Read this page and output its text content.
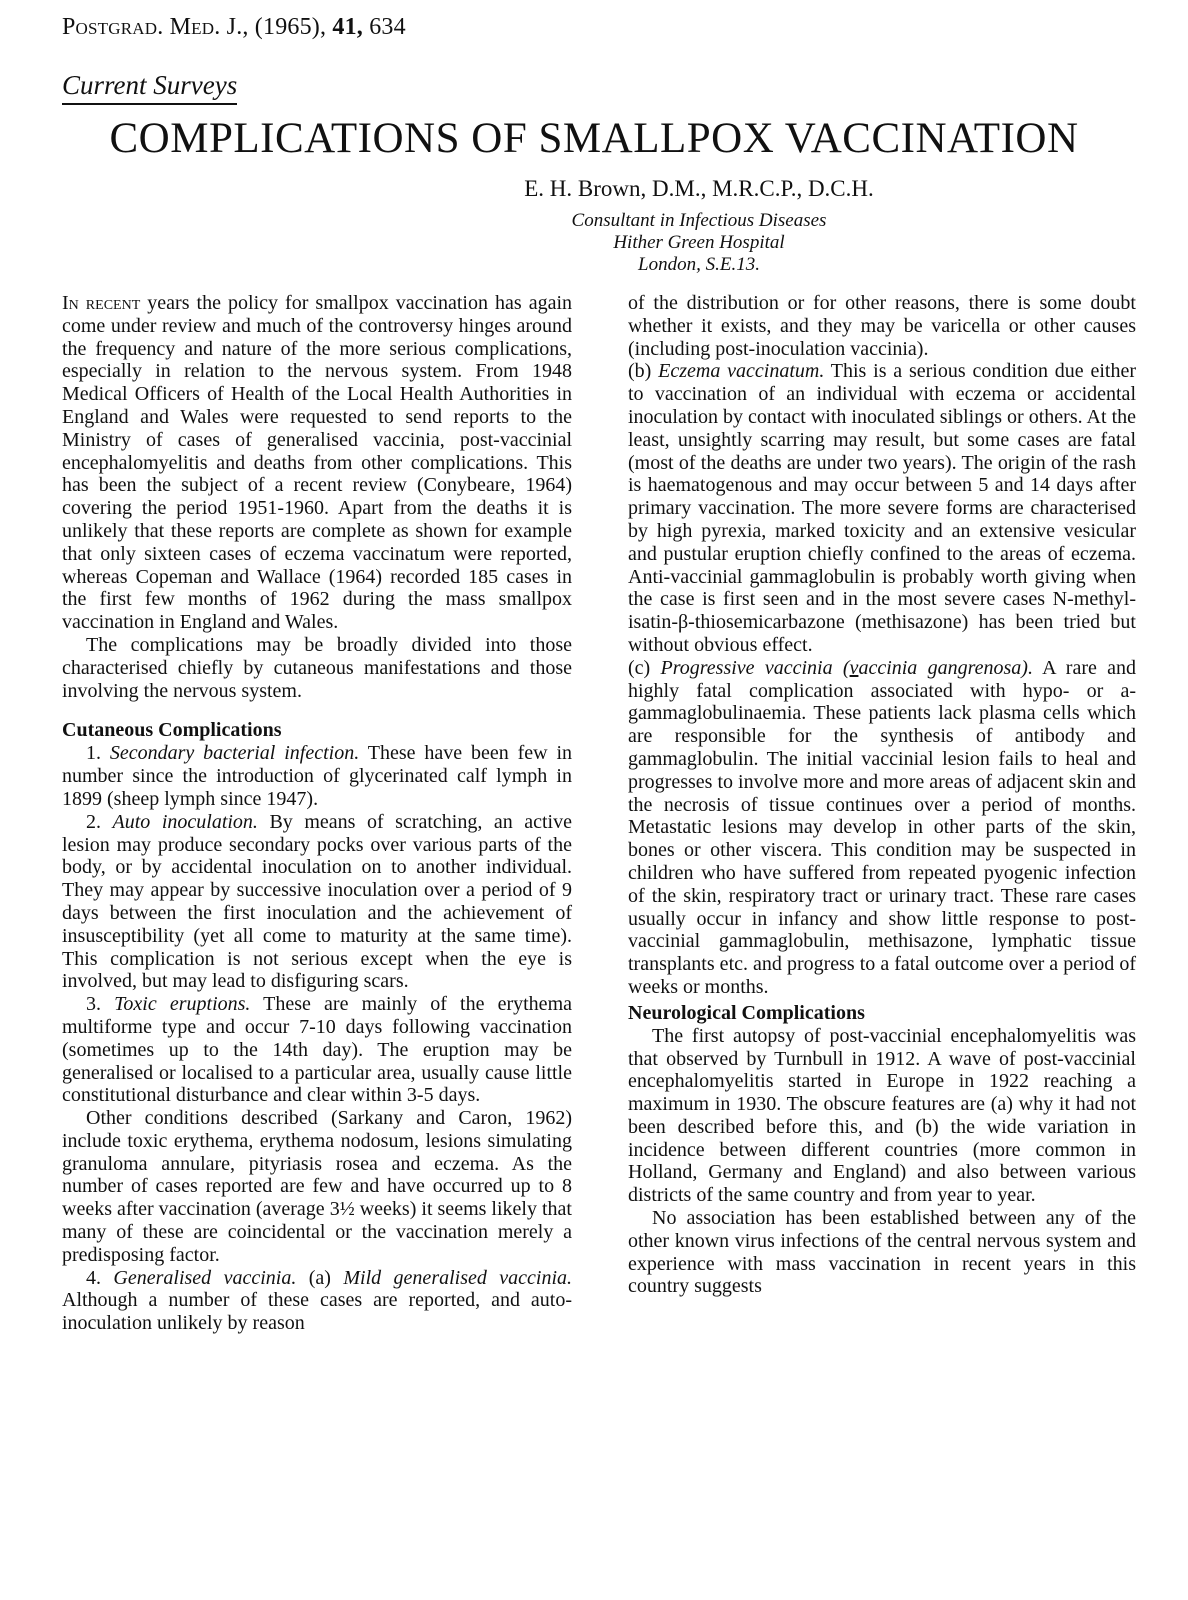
Postgrad. Med. J., (1965), 41, 634
Current Surveys
COMPLICATIONS OF SMALLPOX VACCINATION
E. H. Brown, D.M., M.R.C.P., D.C.H.
Consultant in Infectious Diseases
Hither Green Hospital
London, S.E.13.

In recent years the policy for smallpox vaccination has again come under review and much of the controversy hinges around the frequency and nature of the more serious complications, especially in relation to the nervous system. From 1948 Medical Officers of Health of the Local Health Authorities in England and Wales were requested to send reports to the Ministry of cases of generalised vaccinia, post-vaccinial encephalomyelitis and deaths from other complications. This has been the subject of a recent review (Conybeare, 1964) covering the period 1951-1960. Apart from the deaths it is unlikely that these reports are complete as shown for example that only sixteen cases of eczema vaccinatum were reported, whereas Copeman and Wallace (1964) recorded 185 cases in the first few months of 1962 during the mass smallpox vaccination in England and Wales.

The complications may be broadly divided into those characterised chiefly by cutaneous manifestations and those involving the nervous system.

Cutaneous Complications

1. Secondary bacterial infection. These have been few in number since the introduction of glycerinated calf lymph in 1899 (sheep lymph since 1947).

2. Auto inoculation. By means of scratching, an active lesion may produce secondary pocks over various parts of the body, or by accidental inoculation on to another individual. They may appear by successive inoculation over a period of 9 days between the first inoculation and the achievement of insusceptibility (yet all come to maturity at the same time). This complication is not serious except when the eye is involved, but may lead to disfiguring scars.

3. Toxic eruptions. These are mainly of the erythema multiforme type and occur 7-10 days following vaccination (sometimes up to the 14th day). The eruption may be generalised or localised to a particular area, usually cause little constitutional disturbance and clear within 3-5 days.

Other conditions described (Sarkany and Caron, 1962) include toxic erythema, erythema nodosum, lesions simulating granuloma annulare, pityriasis rosea and eczema. As the number of cases reported are few and have occurred up to 8 weeks after vaccination (average 3½ weeks) it seems likely that many of these are coincidental or the vaccination merely a predisposing factor.

4. Generalised vaccinia. (a) Mild generalised vaccinia. Although a number of these cases are reported, and auto-inoculation unlikely by reason

of the distribution or for other reasons, there is some doubt whether it exists, and they may be varicella or other causes (including post-inoculation vaccinia).

(b) Eczema vaccinatum. This is a serious condition due either to vaccination of an individual with eczema or accidental inoculation by contact with inoculated siblings or others. At the least, unsightly scarring may result, but some cases are fatal (most of the deaths are under two years). The origin of the rash is haematogenous and may occur between 5 and 14 days after primary vaccination. The more severe forms are characterised by high pyrexia, marked toxicity and an extensive vesicular and pustular eruption chiefly confined to the areas of eczema. Anti-vaccinial gammaglobulin is probably worth giving when the case is first seen and in the most severe cases N-methyl-isatin-β-thiosemicarbazone (methisazone) has been tried but without obvious effect.

(c) Progressive vaccinia (vaccinia gangrenosa). A rare and highly fatal complication associated with hypo- or a-gammaglobulinaemia. These patients lack plasma cells which are responsible for the synthesis of antibody and gammaglobulin. The initial vaccinial lesion fails to heal and progresses to involve more and more areas of adjacent skin and the necrosis of tissue continues over a period of months. Metastatic lesions may develop in other parts of the skin, bones or other viscera. This condition may be suspected in children who have suffered from repeated pyogenic infection of the skin, respiratory tract or urinary tract. These rare cases usually occur in infancy and show little response to post-vaccinial gammaglobulin, methisazone, lymphatic tissue transplants etc. and progress to a fatal outcome over a period of weeks or months.

Neurological Complications

The first autopsy of post-vaccinial encephalomyelitis was that observed by Turnbull in 1912. A wave of post-vaccinial encephalomyelitis started in Europe in 1922 reaching a maximum in 1930. The obscure features are (a) why it had not been described before this, and (b) the wide variation in incidence between different countries (more common in Holland, Germany and England) and also between various districts of the same country and from year to year.

No association has been established between any of the other known virus infections of the central nervous system and experience with mass vaccination in recent years in this country suggests
